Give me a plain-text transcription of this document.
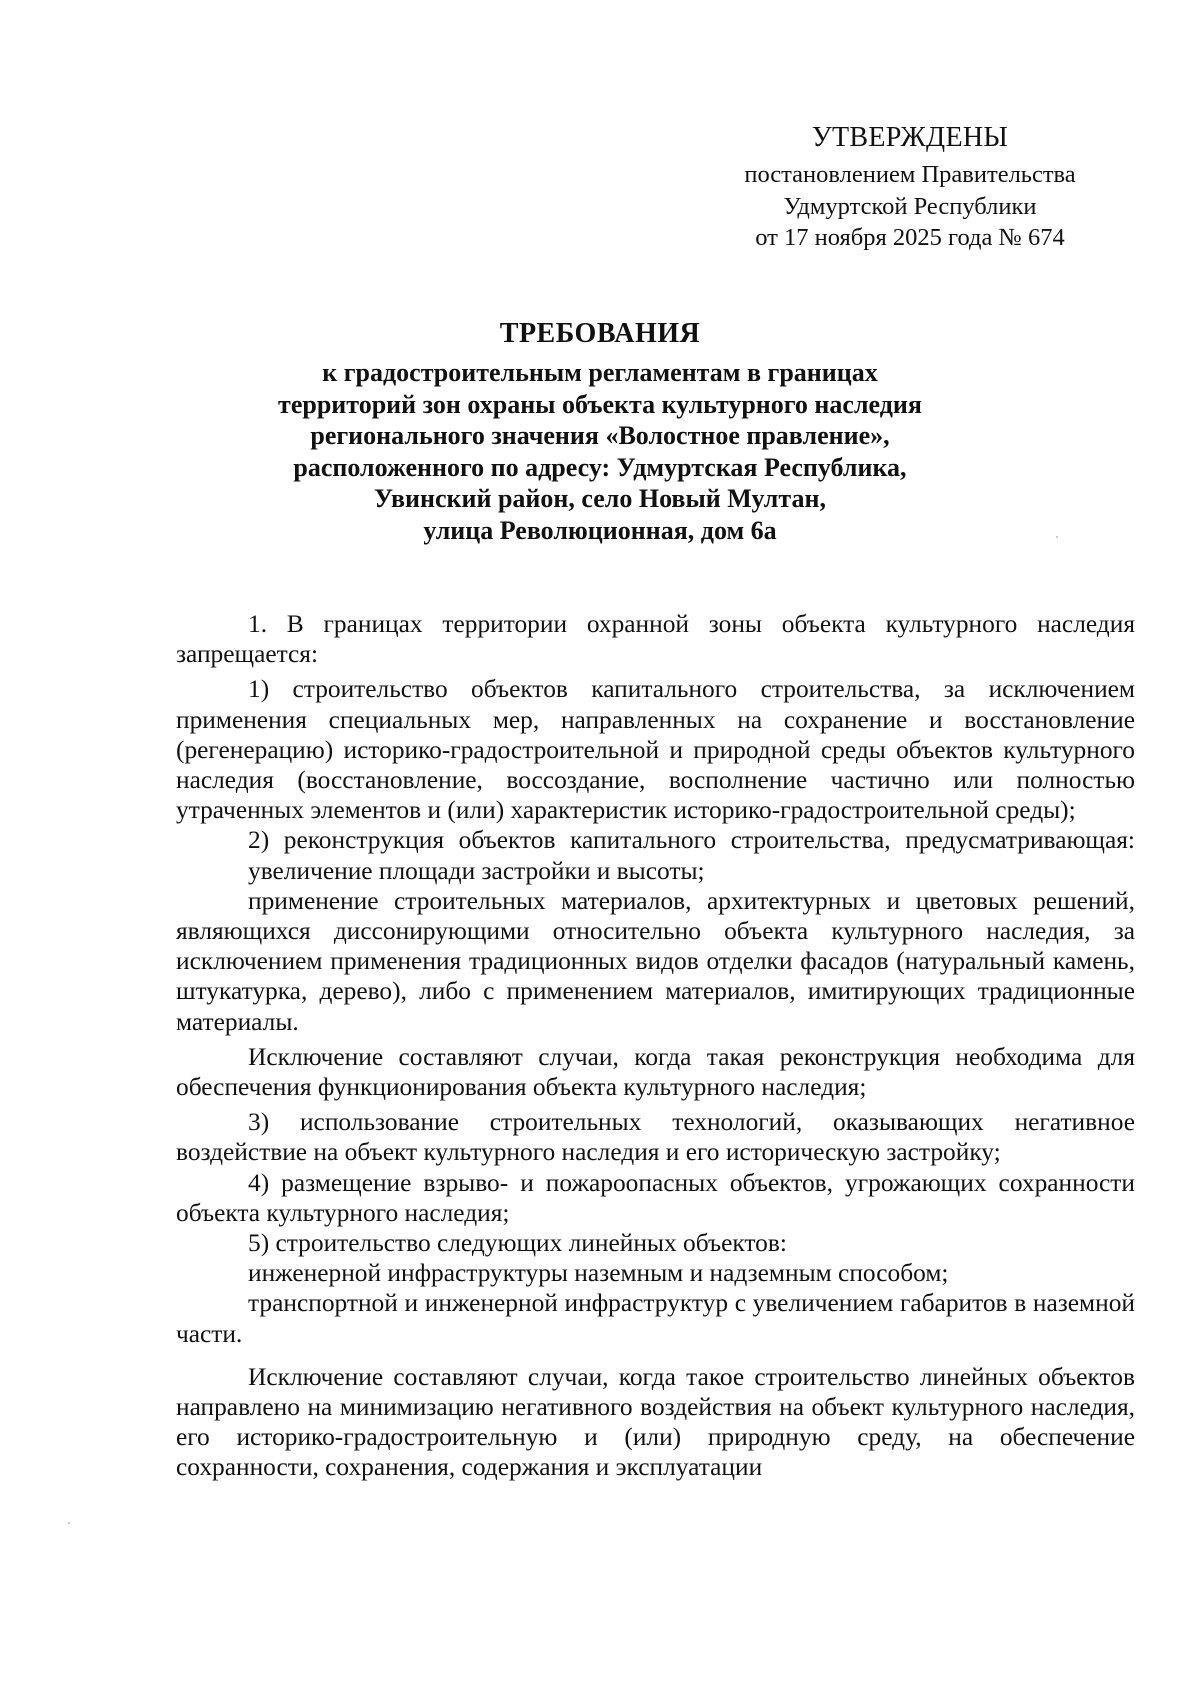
УТВЕРЖДЕНЫ
постановлением Правительства
Удмуртской Республики
от 17 ноября 2025 года № 674
ТРЕБОВАНИЯ
к градостроительным регламентам в границах
территорий зон охраны объекта культурного наследия
регионального значения «Волостное правление»,
расположенного по адресу: Удмуртская Республика,
Увинский район, село Новый Мултан,
улица Революционная, дом 6а

1. В границах территории охранной зоны объекта культурного наследия запрещается:

1) строительство объектов капитального строительства, за исключением применения специальных мер, направленных на сохранение и восстановление (регенерацию) историко-градостроительной и природной среды объектов культурного наследия (восстановление, воссоздание, восполнение частично или полностью утраченных элементов и (или) характеристик историко-градостроительной среды);

2) реконструкция объектов капитального строительства, предусматривающая:

увеличение площади застройки и высоты;

применение строительных материалов, архитектурных и цветовых решений, являющихся диссонирующими относительно объекта культурного наследия, за исключением применения традиционных видов отделки фасадов (натуральный камень, штукатурка, дерево), либо с применением материалов, имитирующих традиционные материалы.

Исключение составляют случаи, когда такая реконструкция необходима для обеспечения функционирования объекта культурного наследия;

3) использование строительных технологий, оказывающих негативное воздействие на объект культурного наследия и его историческую застройку;

4) размещение взрыво- и пожароопасных объектов, угрожающих сохранности объекта культурного наследия;

5) строительство следующих линейных объектов:

инженерной инфраструктуры наземным и надземным способом;

транспортной и инженерной инфраструктур с увеличением габаритов в наземной части.

Исключение составляют случаи, когда такое строительство линейных объектов направлено на минимизацию негативного воздействия на объект культурного наследия, его историко-градостроительную и (или) природную среду, на обеспечение сохранности, сохранения, содержания и эксплуатации
